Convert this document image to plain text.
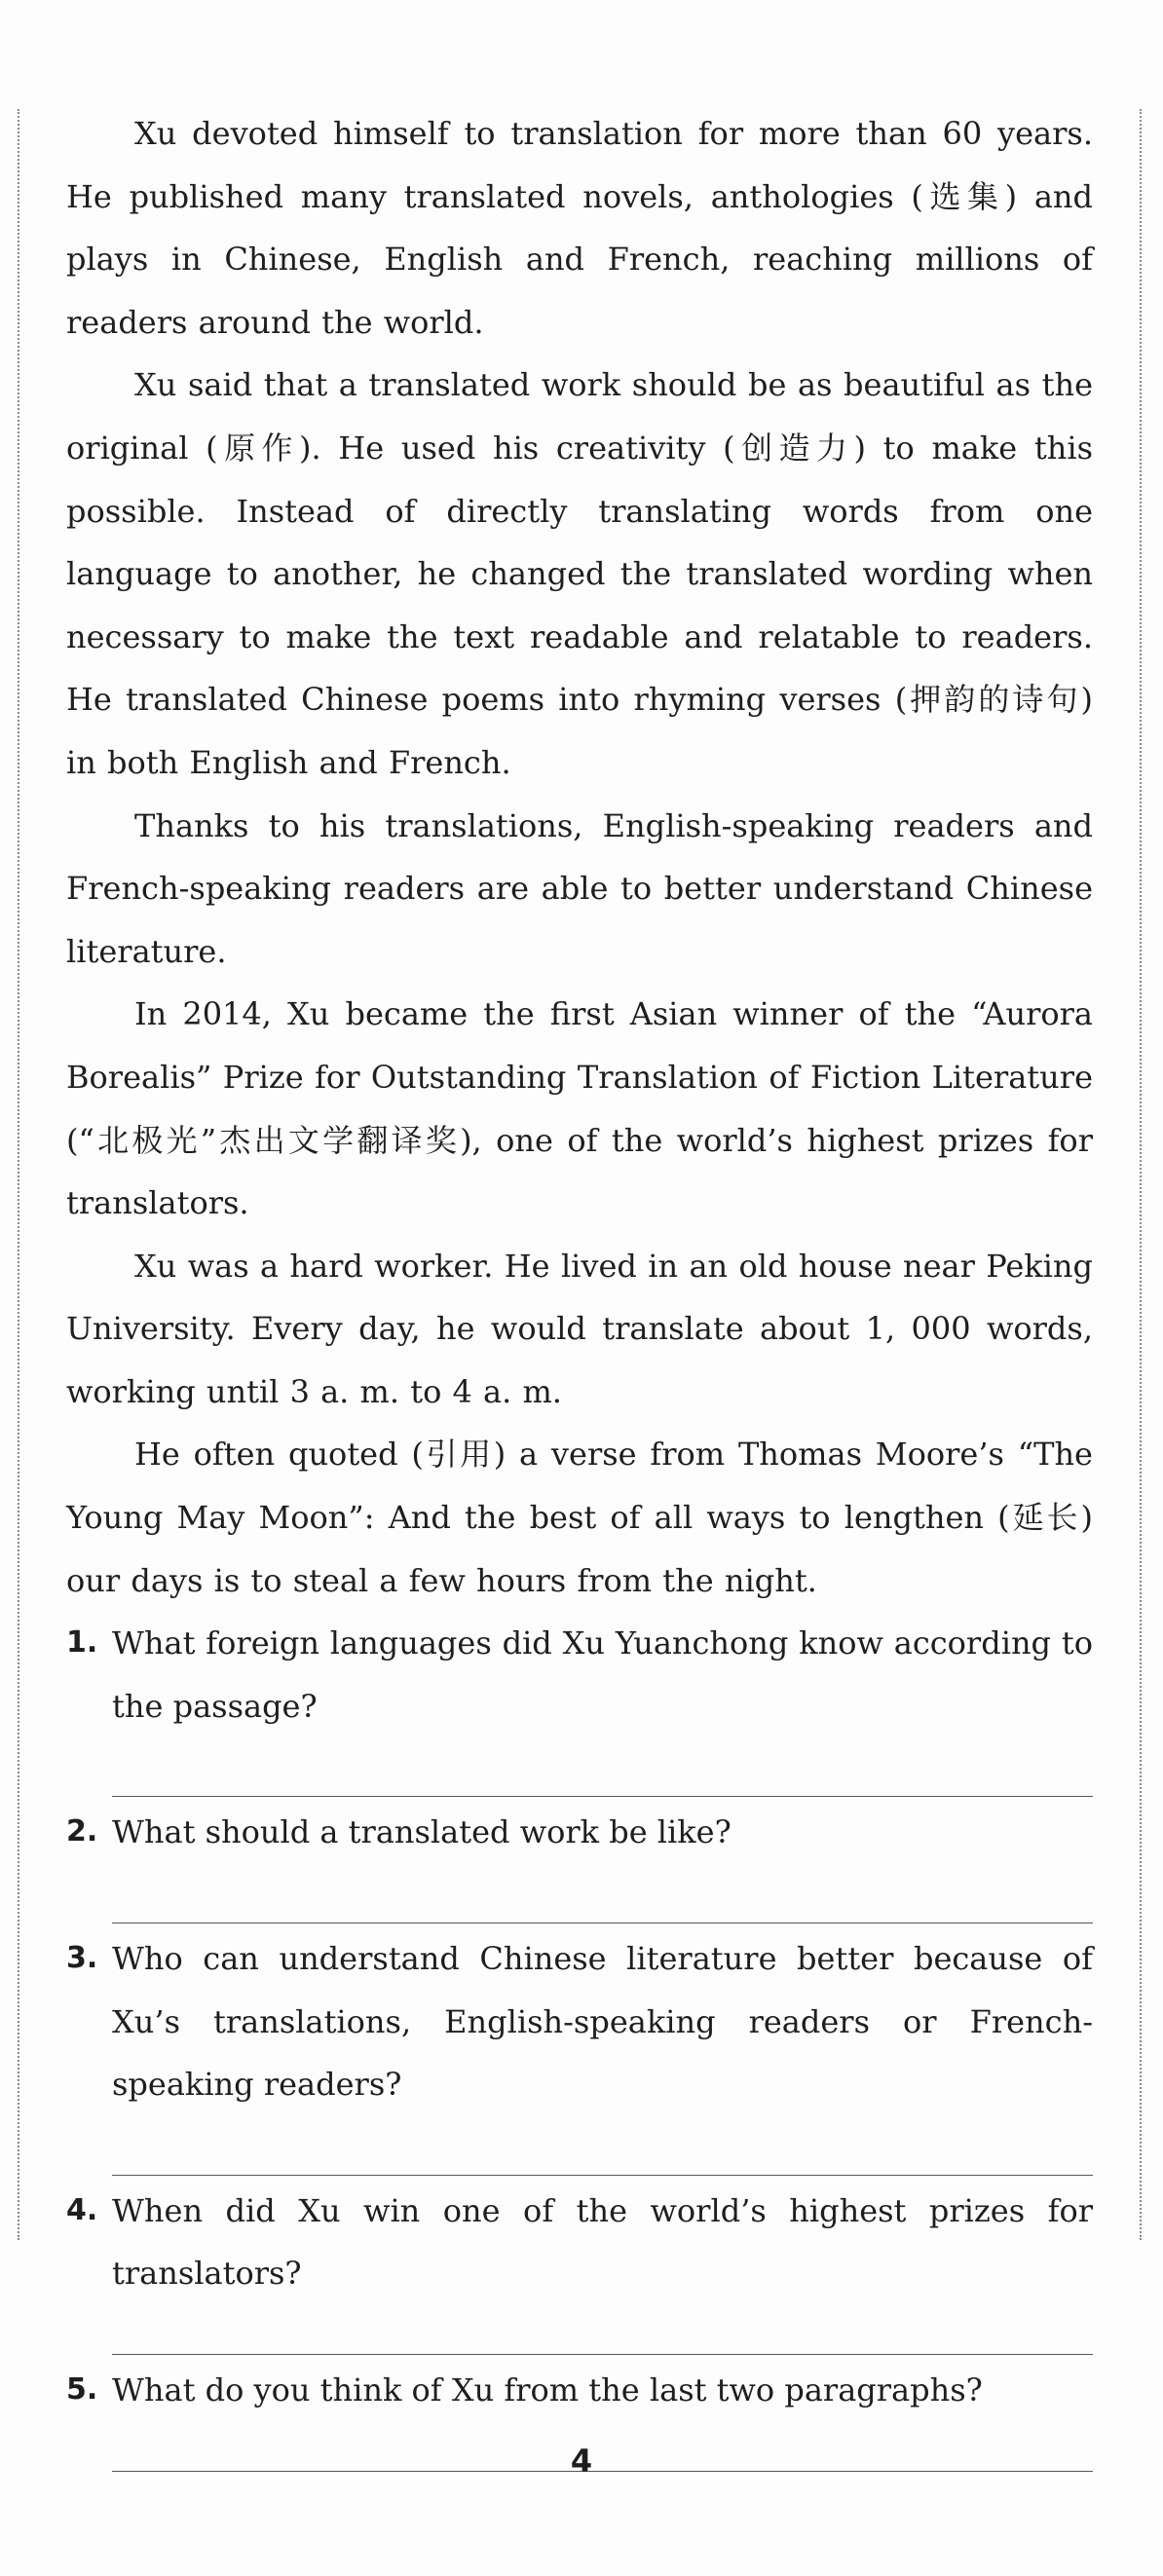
Xu devoted himself to translation for more than 60 years. He published many translated novels, anthologies (选集) and plays in Chinese, English and French, reaching millions of readers around the world.

Xu said that a translated work should be as beautiful as the original (原作). He used his creativity (创造力) to make this possible. Instead of directly translating words from one language to another, he changed the translated wording when necessary to make the text readable and relatable to readers. He translated Chinese poems into rhyming verses (押韵的诗句) in both English and French.

Thanks to his translations, English-speaking readers and French-speaking readers are able to better understand Chinese literature.

In 2014, Xu became the first Asian winner of the “Aurora Borealis” Prize for Outstanding Translation of Fiction Literature (“北极光”杰出文学翻译奖), one of the world’s highest prizes for translators.

Xu was a hard worker. He lived in an old house near Peking University. Every day, he would translate about 1, 000 words, working until 3 a. m. to 4 a. m.

He often quoted (引用) a verse from Thomas Moore’s “The Young May Moon”: And the best of all ways to lengthen (延长) our days is to steal a few hours from the night.

1. What foreign languages did Xu Yuanchong know according to the passage?
2. What should a translated work be like?
3. Who can understand Chinese literature better because of Xu’s translations, English-speaking readers or French-speaking readers?
4. When did Xu win one of the world’s highest prizes for translators?
5. What do you think of Xu from the last two paragraphs?
4
